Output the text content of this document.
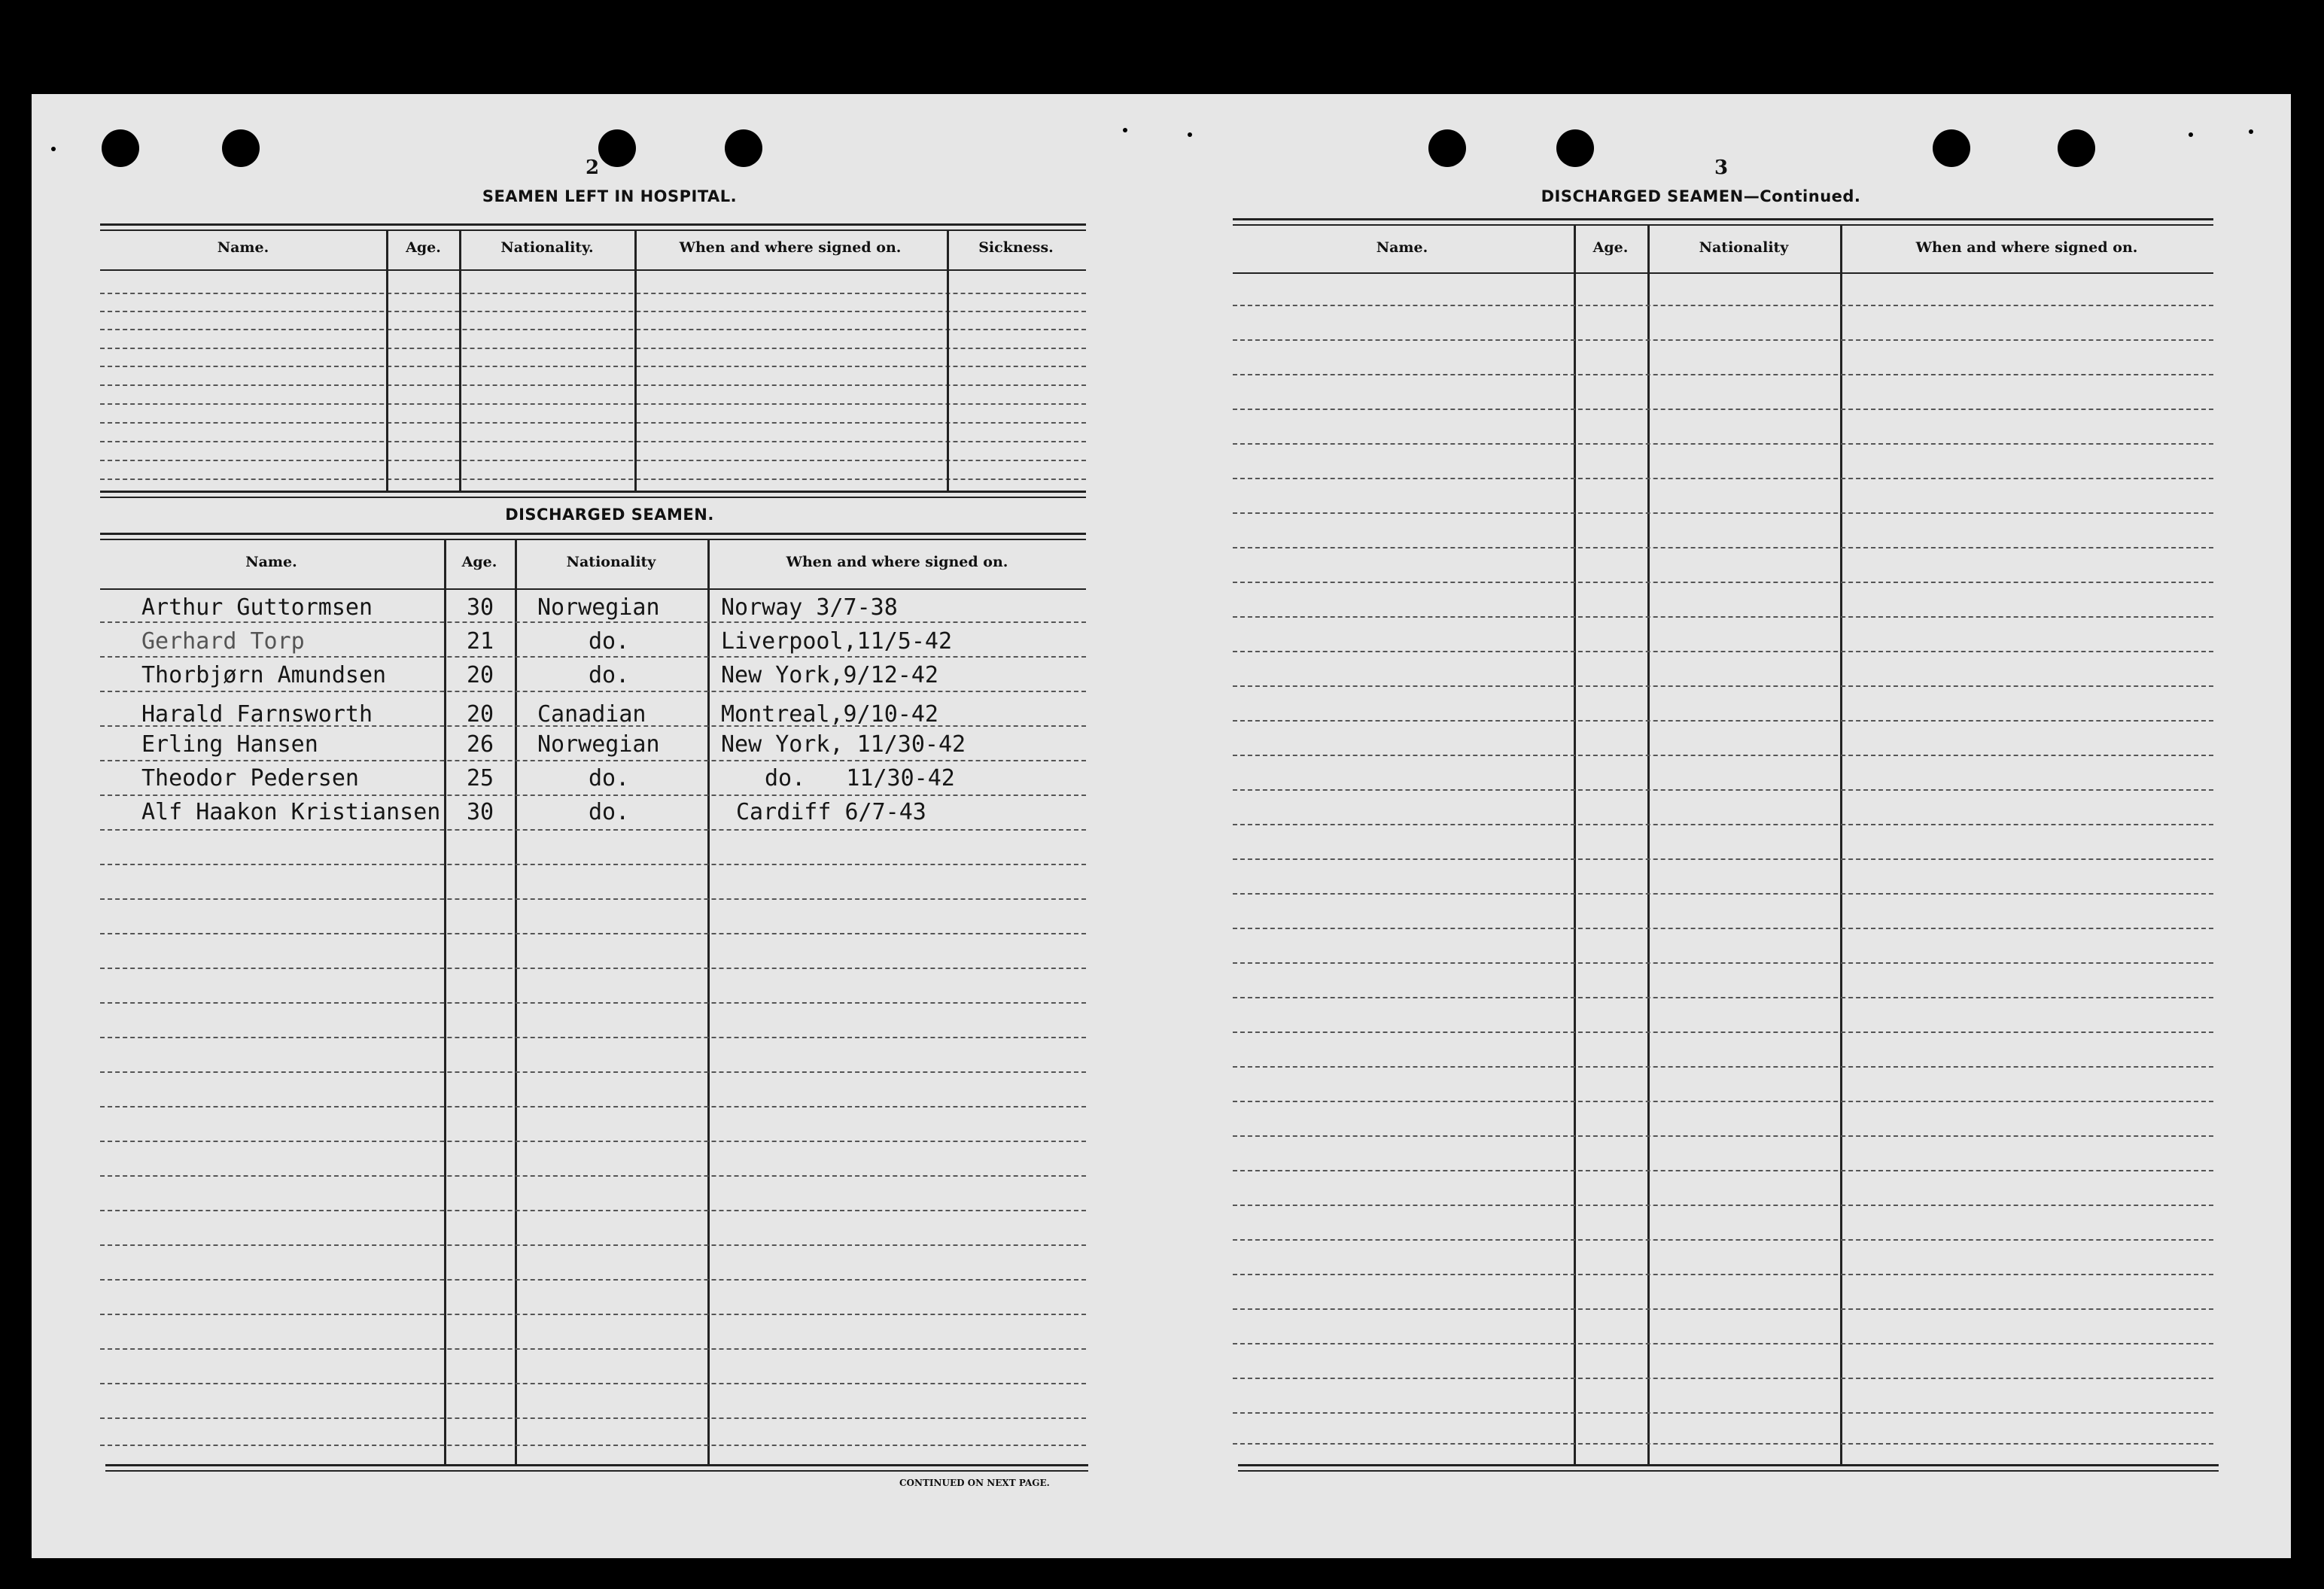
2
SEAMEN LEFT IN HOSPITAL.
Name.	Age.	Nationality.	When and where signed on.	Sickness.
DISCHARGED SEAMEN.
Name.	Age.	Nationality	When and where signed on.
CONTINUED ON NEXT PAGE.
Arthur Guttormsen	30 Norwegian	Norway 3/7-38
Gerhard Torp	21	do.	Liverpool,11/5-42
Thorbjørn Amundsen	20	do.	New York,9/12-42
Harald Farnsworth	20 Canadian	Montreal,9/10-42
Erling Hansen	26 Norwegian	New York, 11/30-42
Theodor Pedersen	25	do.	do.   11/30-42
Alf Haakon Kristiansen 30	do.	Cardiff 6/7-43
3
DISCHARGED SEAMEN—Continued.
Name.	Age.	Nationality	When and where signed on.
